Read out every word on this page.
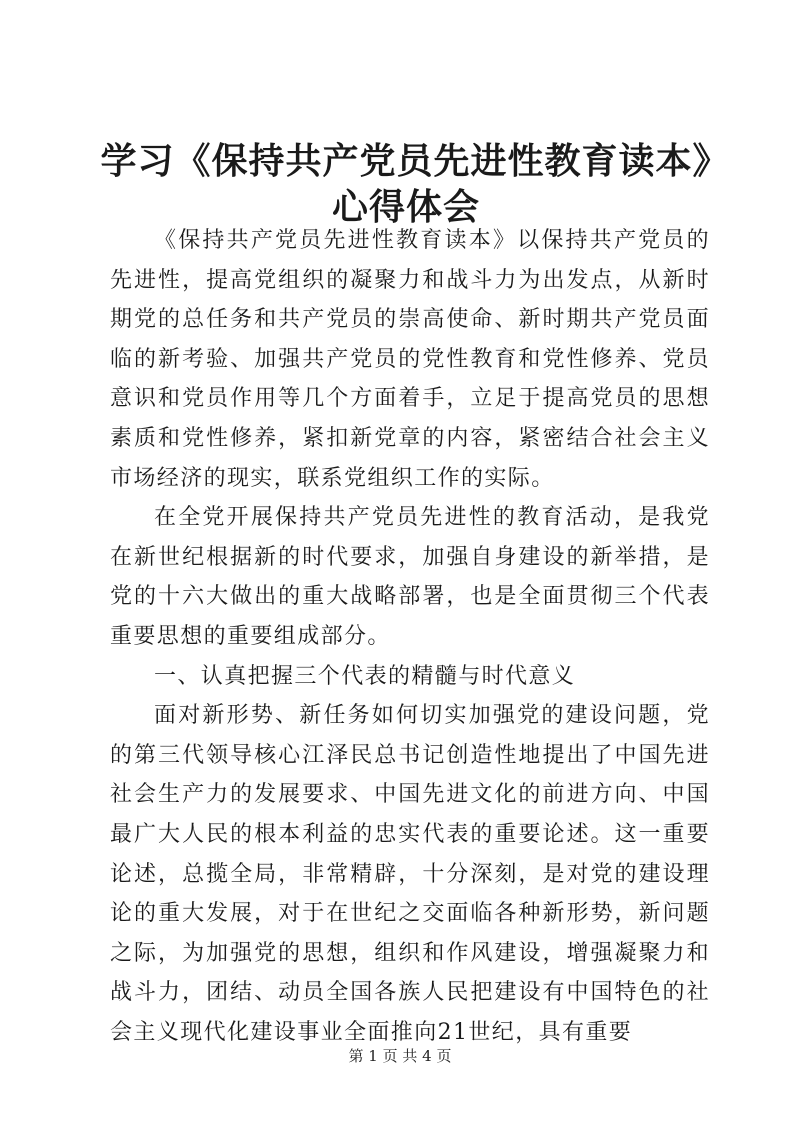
学习《保持共产党员先进性教育读本》心得体会

《保持共产党员先进性教育读本》以保持共产党员的先进性，提高党组织的凝聚力和战斗力为出发点，从新时期党的总任务和共产党员的崇高使命、新时期共产党员面临的新考验、加强共产党员的党性教育和党性修养、党员意识和党员作用等几个方面着手，立足于提高党员的思想素质和党性修养，紧扣新党章的内容，紧密结合社会主义市场经济的现实，联系党组织工作的实际。

在全党开展保持共产党员先进性的教育活动，是我党在新世纪根据新的时代要求，加强自身建设的新举措，是党的十六大做出的重大战略部署，也是全面贯彻三个代表重要思想的重要组成部分。

一、认真把握三个代表的精髓与时代意义

面对新形势、新任务如何切实加强党的建设问题，党的第三代领导核心江泽民总书记创造性地提出了中国先进社会生产力的发展要求、中国先进文化的前进方向、中国最广大人民的根本利益的忠实代表的重要论述。这一重要论述，总揽全局，非常精辟，十分深刻，是对党的建设理论的重大发展，对于在世纪之交面临各种新形势，新问题之际，为加强党的思想，组织和作风建设，增强凝聚力和战斗力，团结、动员全国各族人民把建设有中国特色的社会主义现代化建设事业全面推向21世纪，具有重要

第 1 页 共 4 页
